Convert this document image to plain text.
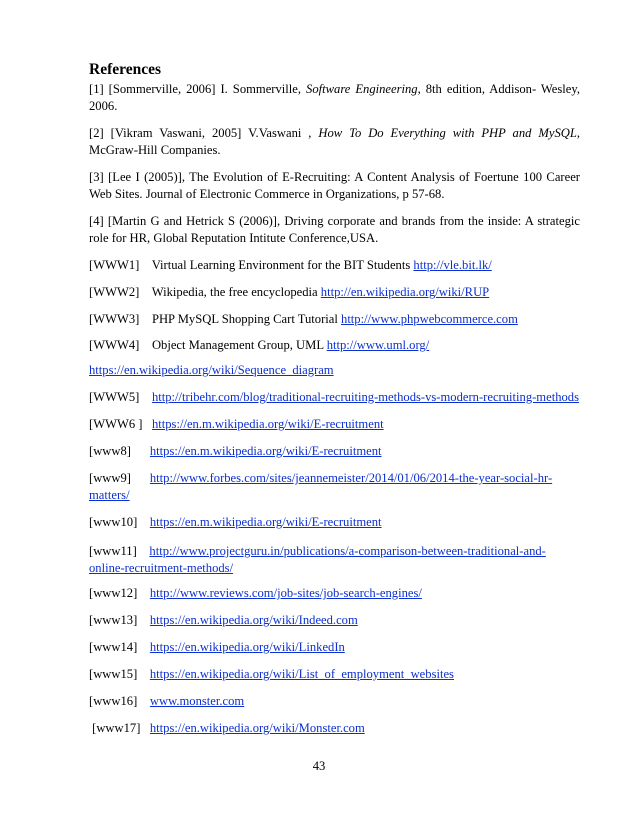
References
[1] [Sommerville, 2006] I. Sommerville, Software Engineering, 8th edition, Addison- Wesley, 2006.
[2] [Vikram Vaswani, 2005] V.Vaswani , How To Do Everything with PHP and MySQL, McGraw-Hill Companies.
[3] [Lee I (2005)], The Evolution of E-Recruiting: A Content Analysis of Foertune 100 Career Web Sites. Journal of Electronic Commerce in Organizations, p 57-68.
[4] [Martin G and Hetrick S (2006)], Driving corporate and brands from the inside: A strategic role for HR, Global Reputation Intitute Conference,USA.
[WWW1]    Virtual Learning Environment for the BIT Students http://vle.bit.lk/
[WWW2]    Wikipedia, the free encyclopedia http://en.wikipedia.org/wiki/RUP
[WWW3]    PHP MySQL Shopping Cart Tutorial http://www.phpwebcommerce.com
[WWW4]    Object Management Group, UML http://www.uml.org/
https://en.wikipedia.org/wiki/Sequence_diagram
[WWW5]    http://tribehr.com/blog/traditional-recruiting-methods-vs-modern-recruiting-methods
[WWW6 ]   https://en.m.wikipedia.org/wiki/E-recruitment
[www8]      https://en.m.wikipedia.org/wiki/E-recruitment
[www9]      http://www.forbes.com/sites/jeannemeister/2014/01/06/2014-the-year-social-hr-
matters/
[www10]    https://en.m.wikipedia.org/wiki/E-recruitment
[www11]    http://www.projectguru.in/publications/a-comparison-between-traditional-and-
online-recruitment-methods/
[www12]    http://www.reviews.com/job-sites/job-search-engines/
[www13]    https://en.wikipedia.org/wiki/Indeed.com
[www14]    https://en.wikipedia.org/wiki/LinkedIn
[www15]    https://en.wikipedia.org/wiki/List_of_employment_websites
[www16]    www.monster.com
[www17]   https://en.wikipedia.org/wiki/Monster.com
43
